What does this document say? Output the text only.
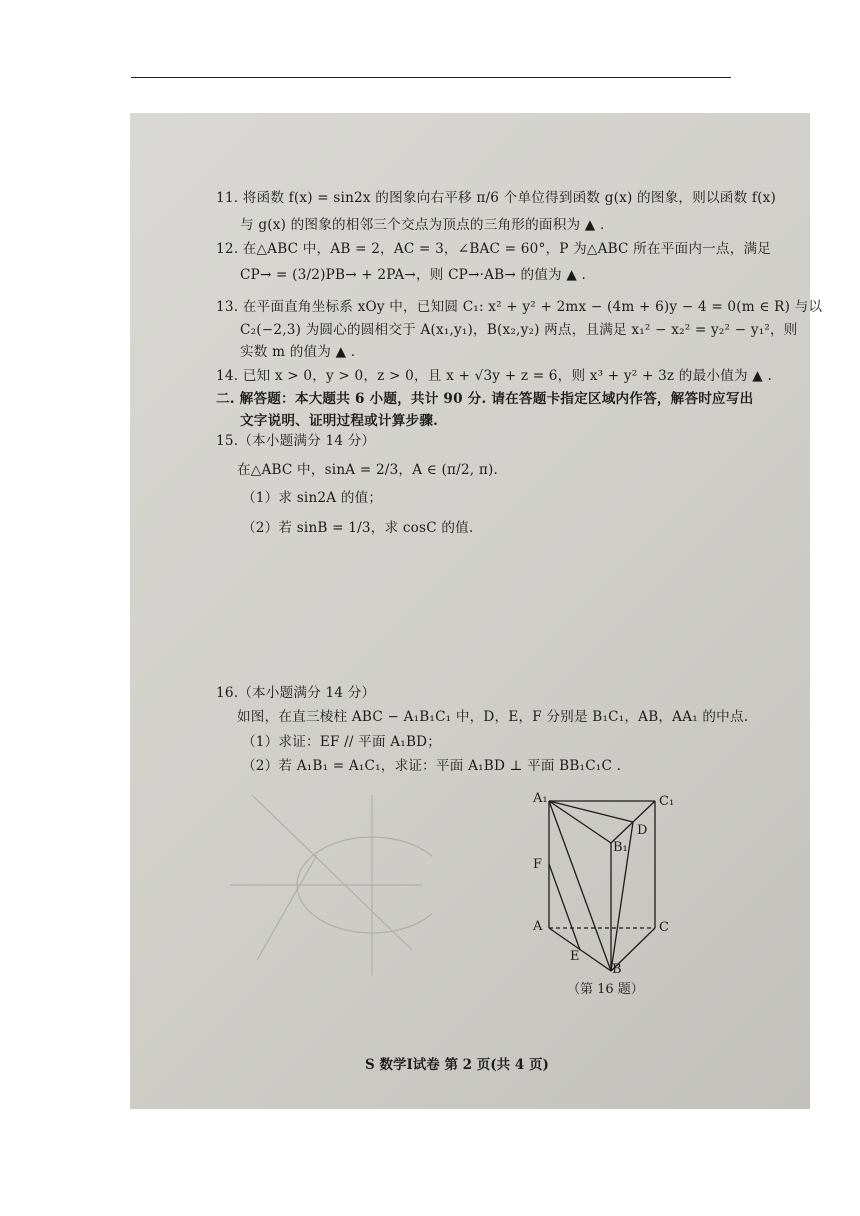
11. 将函数 f(x) = sin2x 的图象向右平移 π/6 个单位得到函数 g(x) 的图象，则以函数 f(x)
与 g(x) 的图象的相邻三个交点为顶点的三角形的面积为 ▲ .
12. 在△ABC 中，AB = 2，AC = 3，∠BAC = 60°，P 为△ABC 所在平面内一点，满足
CP→ = (3/2)PB→ + 2PA→，则 CP→·AB→ 的值为 ▲ .
13. 在平面直角坐标系 xOy 中，已知圆 C₁: x² + y² + 2mx − (4m + 6)y − 4 = 0(m ∈ R) 与以
C₂(−2,3) 为圆心的圆相交于 A(x₁,y₁)，B(x₂,y₂) 两点，且满足 x₁² − x₂² = y₂² − y₁²，则
实数 m 的值为 ▲ .
14. 已知 x > 0，y > 0，z > 0，且 x + √3y + z = 6，则 x³ + y² + 3z 的最小值为 ▲ .
二. 解答题：本大题共 6 小题，共计 90 分. 请在答题卡指定区域内作答，解答时应写出
文字说明、证明过程或计算步骤.
15.（本小题满分 14 分）
在△ABC 中，sinA = 2/3，A ∈ (π/2, π).
（1）求 sin2A 的值；
（2）若 sinB = 1/3，求 cosC 的值.
16.（本小题满分 14 分）
如图，在直三棱柱 ABC − A₁B₁C₁ 中，D，E，F 分别是 B₁C₁，AB，AA₁ 的中点.
（1）求证：EF // 平面 A₁BD；
（2）若 A₁B₁ = A₁C₁，求证：平面 A₁BD ⊥ 平面 BB₁C₁C .
A₁	C₁
D
B₁
F
A	C
E
B
（第 16 题）
S 数学Ⅰ试卷 第 2 页(共 4 页)
